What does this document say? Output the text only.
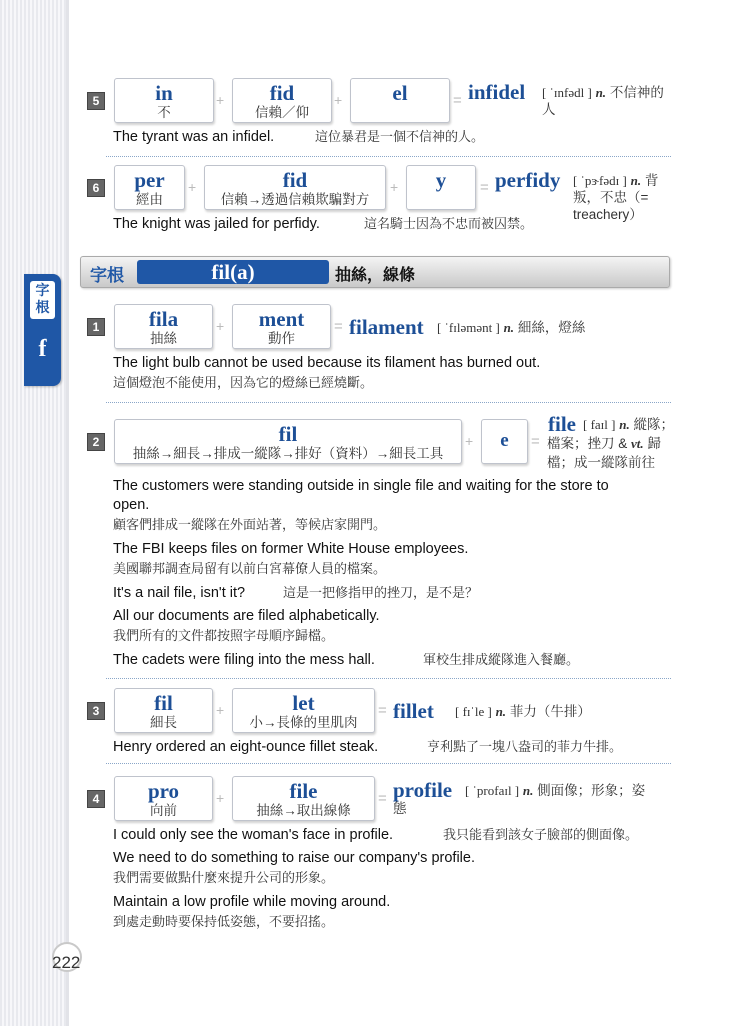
字根
f
5	in
不
+	fid
信賴／仰
+	el	= infidel [ ˈɪnfədl ] n. 不信神的人
The tyrant was an infidel.	這位暴君是一個不信神的人。
6	per
經由
+	fid
信賴→透過信賴欺騙對方
+	y	= perfidy [ ˈpɝfədɪ ] n. 背叛，不忠（= treachery）
The knight was jailed for perfidy.	這名騎士因為不忠而被囚禁。
字根	fil(a)	抽絲，線條
1	fila
抽絲
+	ment
動作
= filament [ ˈfɪləmənt ] n. 細絲，燈絲
The light bulb cannot be used because its filament has burned out.
這個燈泡不能使用，因為它的燈絲已經燒斷。
2	fil
抽絲→細長→排成一縱隊→排好（資料）→細長工具
+	e	=
file [ faɪl ] n. 縱隊；
檔案；挫刀 & vt. 歸
檔；成一縱隊前往
The customers were standing outside in single file and waiting for the store to
open.
顧客們排成一縱隊在外面站著，等候店家開門。
The FBI keeps files on former White House employees.
美國聯邦調查局留有以前白宮幕僚人員的檔案。
It's a nail file, isn't it?	這是一把修指甲的挫刀，是不是？
All our documents are filed alphabetically.
我們所有的文件都按照字母順序歸檔。
The cadets were filing into the mess hall.	軍校生排成縱隊進入餐廳。
3	fil
細長
+	let
小→長條的里肌肉
= fillet [ fɪˈle ] n. 菲力（牛排）
Henry ordered an eight-ounce fillet steak.	亨利點了一塊八盎司的菲力牛排。
4	pro
向前
+	file
抽絲→取出線條
= profile [ ˈprofaɪl ] n. 側面像；形象；姿
態
I could only see the woman's face in profile.	我只能看到該女子臉部的側面像。
We need to do something to raise our company's profile.
我們需要做點什麼來提升公司的形象。
Maintain a low profile while moving around.
到處走動時要保持低姿態，不要招搖。
222
